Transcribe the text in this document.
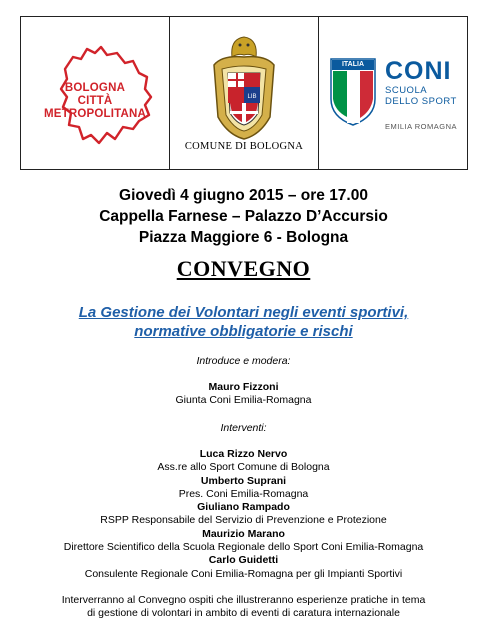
BOLOGNA
CITTÀ
METROPOLITANA
LIB
COMUNE DI BOLOGNA
ITALIA CONI
SCUOLA
DELLO SPORT
EMILIA ROMAGNA
Giovedì 4 giugno 2015 – ore 17.00
Cappella Farnese – Palazzo D’Accursio
Piazza Maggiore 6 - Bologna
CONVEGNO
La Gestione dei Volontari negli eventi sportivi,
normative obbligatorie e rischi
Introduce e modera:
Mauro Fizzoni
Giunta Coni Emilia-Romagna
Interventi:
Luca Rizzo Nervo
Ass.re allo Sport Comune di Bologna
Umberto Suprani
Pres. Coni Emilia-Romagna
Giuliano Rampado
RSPP Responsabile del Servizio di Prevenzione e Protezione
Maurizio Marano
Direttore Scientifico della Scuola Regionale dello Sport Coni Emilia-Romagna
Carlo Guidetti
Consulente Regionale Coni Emilia-Romagna per gli Impianti Sportivi
Interverranno al Convegno ospiti che illustreranno esperienze pratiche in tema
di gestione di volontari in ambito di eventi di caratura internazionale
